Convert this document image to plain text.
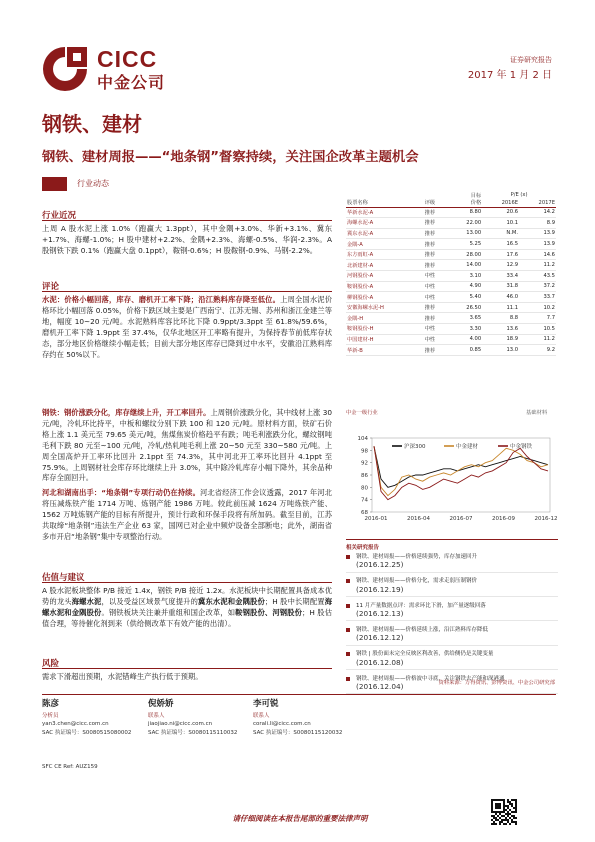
CICC
中金公司
证券研究报告
2017 年 1 月 2 日
钢铁、建材
钢铁、建材周报——“地条钢”督察持续，关注国企改革主题机会
行业动态
行业近况
上周 A 股水泥上涨 1.0%（跑赢大 1.3ppt），其中金隅+3.0%、华新+3.1%、冀东+1.7%、海螺-1.0%；H 股中建材+2.2%、金隅+2.3%、海螺-0.5%、华润-2.3%。A 股钢铁下跌 0.1%（跑赢大盘 0.1ppt），鞍钢-0.6%；H 股鞍钢-0.9%、马钢-2.2%。
评论
水泥：价格小幅回落，库存、磨机开工率下降；沿江熟料库存降至低位。上周全国水泥价格环比小幅回落 0.05%，价格下跌区域主要是广西南宁、江苏无锡、苏州和浙江金建兰等地，幅度 10~20 元/吨。水泥熟料库容比环比下降 0.9ppt/3.3ppt 至 61.8%/59.6%，磨机开工率下降 1.9ppt 至 37.4%，仅华北地区开工率略有提升，为保持春节前低库存状态，部分地区价格继续小幅走低；目前大部分地区库存已降到过中水平，安徽沿江熟料库存约在 50%以下。
钢铁：钢价涨跌分化，库存继续上升，开工率回升。上周钢价涨跌分化，其中线材上涨 30 元/吨，冷轧环比持平，中板和螺纹分别下跌 100 和 120 元/吨。原材料方面，铁矿石价格上涨 1.1 美元至 79.65 美元/吨，焦煤焦炭价格趋平有跌；吨毛利涨跌分化，螺纹钢吨毛利下跌 80 元至~100 元/吨，冷轧/热轧吨毛利上涨 20~50 元至 330~580 元/吨。上周全国高炉开工率环比回升 2.1ppt 至 74.3%，其中河北开工率环比回升 4.1ppt 至 75.9%。上周钢材社会库存环比继续上升 3.0%，其中除冷轧库存小幅下降外，其余品种库存全面回升。
河北和湖南出手：“地条钢”专项行动仍在持续。河北省经济工作会议透露，2017 年河北将压减炼铁产能 1714 万吨、炼钢产能 1986 万吨。较此前压减 1624 万吨炼铁产能、1562 万吨炼钢产能的目标有所提升，预计行政和环保手段将有所加码。截至目前，江苏共取缔“地条钢”违法生产企业 63 家，国网已对企业中频炉设备全部断电；此外，湖南省多市开启“地条钢”集中专项整治行动。
估值与建议
A 股水泥板块整体 P/B 接近 1.4x，钢铁 P/B 接近 1.2x。水泥板块中长期配置具备成本优势的龙头海螺水泥，以及受益区域景气度提升的冀东水泥和金隅股份；H 股中长期配置海螺水泥和金隅股份。钢铁板块关注兼并重组和国企改革，如鞍钢股份、河钢股份；H 股估值合理，等待催化剂到来（供给侧改革下有效产能的出清）。
风险
需求下滑超出预期，水泥错峰生产执行低于预期。
		目标	P/E (x)	
股票名称	评级	价格	2016E	2017E
华新水泥-A	推荐	8.80	20.6	14.2
海螺水泥-A	推荐	22.00	10.1	8.9
冀东水泥-A	推荐	13.00	N.M.	13.9
金隅-A	推荐	5.25	16.5	13.9
东方雨虹-A	推荐	28.00	17.6	14.6
北新建材-A	推荐	14.00	12.9	11.2
河钢股份-A	中性	3.10	33.4	43.5
鞍钢股份-A	中性	4.90	31.8	37.2
柳钢股份-A	中性	5.40	46.0	33.7
安徽海螺水泥-H	推荐	26.50	11.1	10.2
金隅-H	推荐	3.65	8.8	7.7
鞍钢股份-H	中性	3.30	13.6	10.5
中国建材-H	中性	4.00	18.9	11.2
华新-B	推荐	0.85	13.0	9.2
中金一级行业	基础材料
68
74
80
86
92
98
104
2016-01	2016-04	2016-07	2016-09	2016-12
沪深300	中金建材	中金钢铁
相关研究报告
钢铁、建材周报——价格延续强势，库存加速回升
(2016.12.25)
钢铁、建材周报——价格分化，需求走弱压制钢价
(2016.12.19)
11 月产量数据点评：需求环比下滑，加产量逐级回落
(2016.12.13)
钢铁、建材周报——价格延续上涨，沿江熟料库存降低
(2016.12.12)
钢铁 | 股份面未完全反映区利改善，供给侧仍是关键变量
(2016.12.08)
钢铁、建材周报——价格波中寻底，关注钢铁去产能和深港通
(2016.12.04)	资料来源：万得资讯、彭博资讯、中金公司研究部
陈彦
分析员
yan3.chen@cicc.com.cn
SAC 执证编号：S0080515080002
倪娇娇
联系人
jiaojiao.ni@cicc.com.cn
SAC 执证编号：S0080115110032
李可锐
联系人
corali.li@cicc.com.cn
SAC 执证编号：S0080115120032
SFC CE Ref: AUZ159
请仔细阅读在本报告尾部的重要法律声明
